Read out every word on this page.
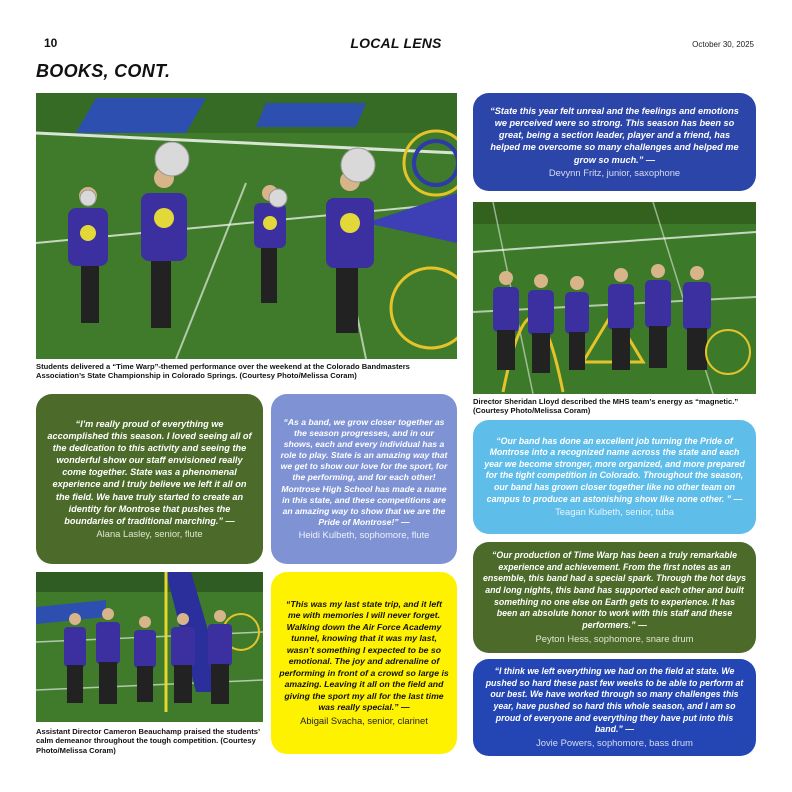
10	LOCAL LENS	October 30, 2025
BOOKS, CONT.
Students delivered a “Time Warp”-themed performance over the weekend at the Colorado Bandmasters Association’s State Championship in Colorado Springs. (Courtesy Photo/Melissa Coram)
“State this year felt unreal and the feelings and emotions we perceived were so strong. This season has been so great, being a section leader, player and a friend, has helped me overcome so many challenges and helped me grow so much.” —
Devynn Fritz, junior, saxophone
Director Sheridan Lloyd described the MHS team’s energy as “magnetic.” (Courtesy Photo/Melissa Coram)
“I’m really proud of everything we accomplished this season. I loved seeing all of the dedication to this activity and seeing the wonderful show our staff envisioned really come together. State was a phenomenal experience and I truly believe we left it all on the field. We have truly started to create an identity for Montrose that pushes the boundaries of traditional marching.” —
Alana Lasley, senior, flute
“As a band, we grow closer together as the season progresses, and in our shows, each and every individual has a role to play. State is an amazing way that we get to show our love for the sport, for the performing, and for each other! Montrose High School has made a name in this state, and these competitions are an amazing way to show that we are the Pride of Montrose!” —
Heidi Kulbeth, sophomore, flute
“Our band has done an excellent job turning the Pride of Montrose into a recognized name across the state and each year we become stronger, more organized, and more prepared for the tight competition in Colorado. Throughout the season, our band has grown closer together like no other team on campus to produce an astonishing show like none other. ” —
Teagan Kulbeth, senior, tuba
Assistant Director Cameron Beauchamp praised the students’ calm demeanor throughout the tough competition. (Courtesy Photo/Melissa Coram)
“This was my last state trip, and it left me with memories I will never forget. Walking down the Air Force Academy tunnel, knowing that it was my last, wasn’t something I expected to be so emotional. The joy and adrenaline of performing in front of a crowd so large is amazing. Leaving it all on the field and giving the sport my all for the last time was really special.” —
Abigail Svacha, senior, clarinet
“Our production of Time Warp has been a truly remarkable experience and achievement. From the first notes as an ensemble, this band had a special spark. Through the hot days and long nights, this band has supported each other and built something no one else on Earth gets to experience. It has been an absolute honor to work with this staff and these performers.” —
Peyton Hess, sophomore, snare drum
“I think we left everything we had on the field at state. We pushed so hard these past few weeks to be able to perform at our best. We have worked through so many challenges this year, have pushed so hard this whole season, and I am so proud of everyone and everything they have put into this band.” —
Jovie Powers, sophomore, bass drum
